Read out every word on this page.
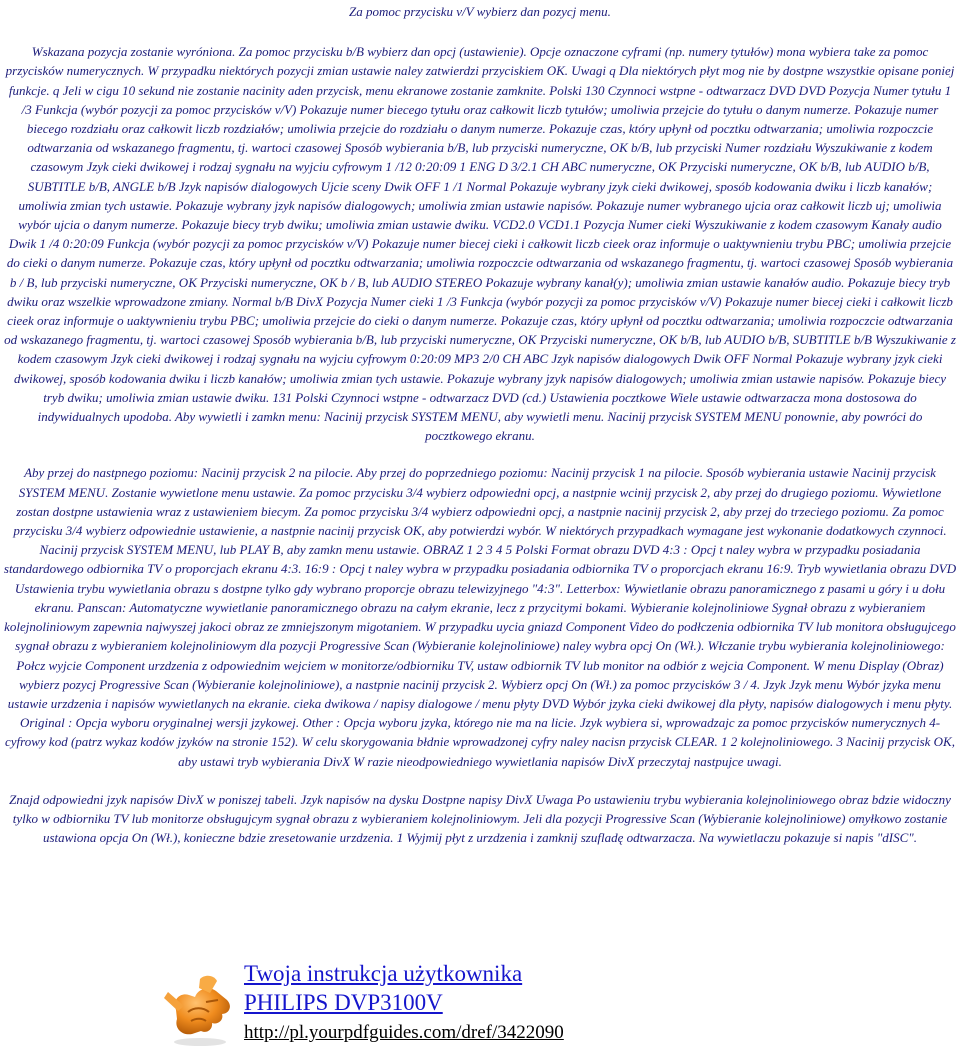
Za pomoc przycisku v/V wybierz dan pozycj menu.

Wskazana pozycja zostanie wyróniona. Za pomoc przycisku b/B wybierz dan opcj (ustawienie). Opcje oznaczone cyframi (np. numery tytułów) mona wybiera take za pomoc przycisków numerycznych. W przypadku niektórych pozycji zmian ustawie naley zatwierdzi przyciskiem OK. Uwagi q Dla niektórych płyt mog nie by dostpne wszystkie opisane poniej funkcje. q Jeli w cigu 10 sekund nie zostanie nacinity aden przycisk, menu ekranowe zostanie zamknite. Polski 130 Czynnoci wstpne - odtwarzacz DVD DVD Pozycja Numer tytułu 1 /3 Funkcja (wybór pozycji za pomoc przycisków v/V) Pokazuje numer biecego tytułu oraz całkowit liczb tytułów; umoliwia przejcie do tytułu o danym numerze. Pokazuje numer biecego rozdziału oraz całkowit liczb rozdziałów; umoliwia przejcie do rozdziału o danym numerze. Pokazuje czas, który upłynł od pocztku odtwarzania; umoliwia rozpoczcie odtwarzania od wskazanego fragmentu, tj. wartoci czasowej Sposób wybierania b/B, lub przyciski numeryczne, OK b/B, lub przyciski Numer rozdziału Wyszukiwanie z kodem czasowym Jzyk cieki dwikowej i rodzaj sygnału na wyjciu cyfrowym 1 /12 0:20:09 1 ENG D 3/2.1 CH ABC numeryczne, OK Przyciski numeryczne, OK b/B, lub AUDIO b/B, SUBTITLE b/B, ANGLE b/B Jzyk napisów dialogowych Ujcie sceny Dwik OFF 1 /1 Normal Pokazuje wybrany jzyk cieki dwikowej, sposób kodowania dwiku i liczb kanałów; umoliwia zmian tych ustawie. Pokazuje wybrany jzyk napisów dialogowych; umoliwia zmian ustawie napisów. Pokazuje numer wybranego ujcia oraz całkowit liczb uj; umoliwia wybór ujcia o danym numerze. Pokazuje biecy tryb dwiku; umoliwia zmian ustawie dwiku. VCD2.0 VCD1.1 Pozycja Numer cieki Wyszukiwanie z kodem czasowym Kanały audio Dwik 1 /4 0:20:09 Funkcja (wybór pozycji za pomoc przycisków v/V) Pokazuje numer biecej cieki i całkowit liczb cieek oraz informuje o uaktywnieniu trybu PBC; umoliwia przejcie do cieki o danym numerze. Pokazuje czas, który upłynł od pocztku odtwarzania; umoliwia rozpoczcie odtwarzania od wskazanego fragmentu, tj. wartoci czasowej Sposób wybierania b / B, lub przyciski numeryczne, OK Przyciski numeryczne, OK b / B, lub AUDIO STEREO Pokazuje wybrany kanał(y); umoliwia zmian ustawie kanałów audio. Pokazuje biecy tryb dwiku oraz wszelkie wprowadzone zmiany. Normal b/B DivX Pozycja Numer cieki 1 /3 Funkcja (wybór pozycji za pomoc przycisków v/V) Pokazuje numer biecej cieki i całkowit liczb cieek oraz informuje o uaktywnieniu trybu PBC; umoliwia przejcie do cieki o danym numerze. Pokazuje czas, który upłynł od pocztku odtwarzania; umoliwia rozpoczcie odtwarzania od wskazanego fragmentu, tj. wartoci czasowej Sposób wybierania b/B, lub przyciski numeryczne, OK Przyciski numeryczne, OK b/B, lub AUDIO b/B, SUBTITLE b/B Wyszukiwanie z kodem czasowym Jzyk cieki dwikowej i rodzaj sygnału na wyjciu cyfrowym 0:20:09 MP3 2/0 CH ABC Jzyk napisów dialogowych Dwik OFF Normal Pokazuje wybrany jzyk cieki dwikowej, sposób kodowania dwiku i liczb kanałów; umoliwia zmian tych ustawie. Pokazuje wybrany jzyk napisów dialogowych; umoliwia zmian ustawie napisów. Pokazuje biecy tryb dwiku; umoliwia zmian ustawie dwiku. 131 Polski Czynnoci wstpne - odtwarzacz DVD (cd.) Ustawienia pocztkowe Wiele ustawie odtwarzacza mona dostosowa do indywidualnych upodoba. Aby wywietli i zamkn menu: Nacinij przycisk SYSTEM MENU, aby wywietli menu. Nacinij przycisk SYSTEM MENU ponownie, aby powróci do pocztkowego ekranu.

Aby przej do nastpnego poziomu: Nacinij przycisk 2 na pilocie. Aby przej do poprzedniego poziomu: Nacinij przycisk 1 na pilocie. Sposób wybierania ustawie Nacinij przycisk SYSTEM MENU. Zostanie wywietlone menu ustawie. Za pomoc przycisku 3/4 wybierz odpowiedni opcj, a nastpnie wcinij przycisk 2, aby przej do drugiego poziomu. Wywietlone zostan dostpne ustawienia wraz z ustawieniem biecym. Za pomoc przycisku 3/4 wybierz odpowiedni opcj, a nastpnie nacinij przycisk 2, aby przej do trzeciego poziomu. Za pomoc przycisku 3/4 wybierz odpowiednie ustawienie, a nastpnie nacinij przycisk OK, aby potwierdzi wybór. W niektórych przypadkach wymagane jest wykonanie dodatkowych czynnoci. Nacinij przycisk SYSTEM MENU, lub PLAY B, aby zamkn menu ustawie. OBRAZ 1 2 3 4 5 Polski Format obrazu DVD 4:3 : Opcj t naley wybra w przypadku posiadania standardowego odbiornika TV o proporcjach ekranu 4:3. 16:9 : Opcj t naley wybra w przypadku posiadania odbiornika TV o proporcjach ekranu 16:9. Tryb wywietlania obrazu DVD Ustawienia trybu wywietlania obrazu s dostpne tylko gdy wybrano proporcje obrazu telewizyjnego "4:3". Letterbox: Wywietlanie obrazu panoramicznego z pasami u góry i u dołu ekranu. Panscan: Automatyczne wywietlanie panoramicznego obrazu na całym ekranie, lecz z przycitymi bokami. Wybieranie kolejnoliniowe Sygnał obrazu z wybieraniem kolejnoliniowym zapewnia najwyszej jakoci obraz ze zmniejszonym migotaniem. W przypadku uycia gniazd Component Video do podłczenia odbiornika TV lub monitora obsługujcego sygnał obrazu z wybieraniem kolejnoliniowym dla pozycji Progressive Scan (Wybieranie kolejnoliniowe) naley wybra opcj On (Wł.). Włczanie trybu wybierania kolejnoliniowego: Połcz wyjcie Component urzdzenia z odpowiednim wejciem w monitorze/odbiorniku TV, ustaw odbiornik TV lub monitor na odbiór z wejcia Component. W menu Display (Obraz) wybierz pozycj Progressive Scan (Wybieranie kolejnoliniowe), a nastpnie nacinij przycisk 2. Wybierz opcj On (Wł.) za pomoc przycisków 3 / 4. Jzyk Jzyk menu Wybór jzyka menu ustawie urzdzenia i napisów wywietlanych na ekranie. cieka dwikowa / napisy dialogowe / menu płyty DVD Wybór jzyka cieki dwikowej dla płyty, napisów dialogowych i menu płyty. Original : Opcja wyboru oryginalnej wersji jzykowej. Other : Opcja wyboru jzyka, którego nie ma na licie. Jzyk wybiera si, wprowadzajc za pomoc przycisków numerycznych 4-cyfrowy kod (patrz wykaz kodów jzyków na stronie 152). W celu skorygowania błdnie wprowadzonej cyfry naley nacisn przycisk CLEAR. 1 2 kolejnoliniowego. 3 Nacinij przycisk OK, aby ustawi tryb wybierania DivX W razie nieodpowiedniego wywietlania napisów DivX przeczytaj nastpujce uwagi.

Znajd odpowiedni jzyk napisów DivX w poniszej tabeli. Jzyk napisów na dysku Dostpne napisy DivX Uwaga Po ustawieniu trybu wybierania kolejnoliniowego obraz bdzie widoczny tylko w odbiorniku TV lub monitorze obsługujcym sygnał obrazu z wybieraniem kolejnoliniowym. Jeli dla pozycji Progressive Scan (Wybieranie kolejnoliniowe) omyłkowo zostanie ustawiona opcja On (Wł.), konieczne bdzie zresetowanie urzdzenia. 1 Wyjmij płyt z urzdzenia i zamknij szufladę odtwarzacza. Na wywietlaczu pokazuje si napis "dISC".

Twoja instrukcja użytkownika
PHILIPS DVP3100V
http://pl.yourpdfguides.com/dref/3422090
